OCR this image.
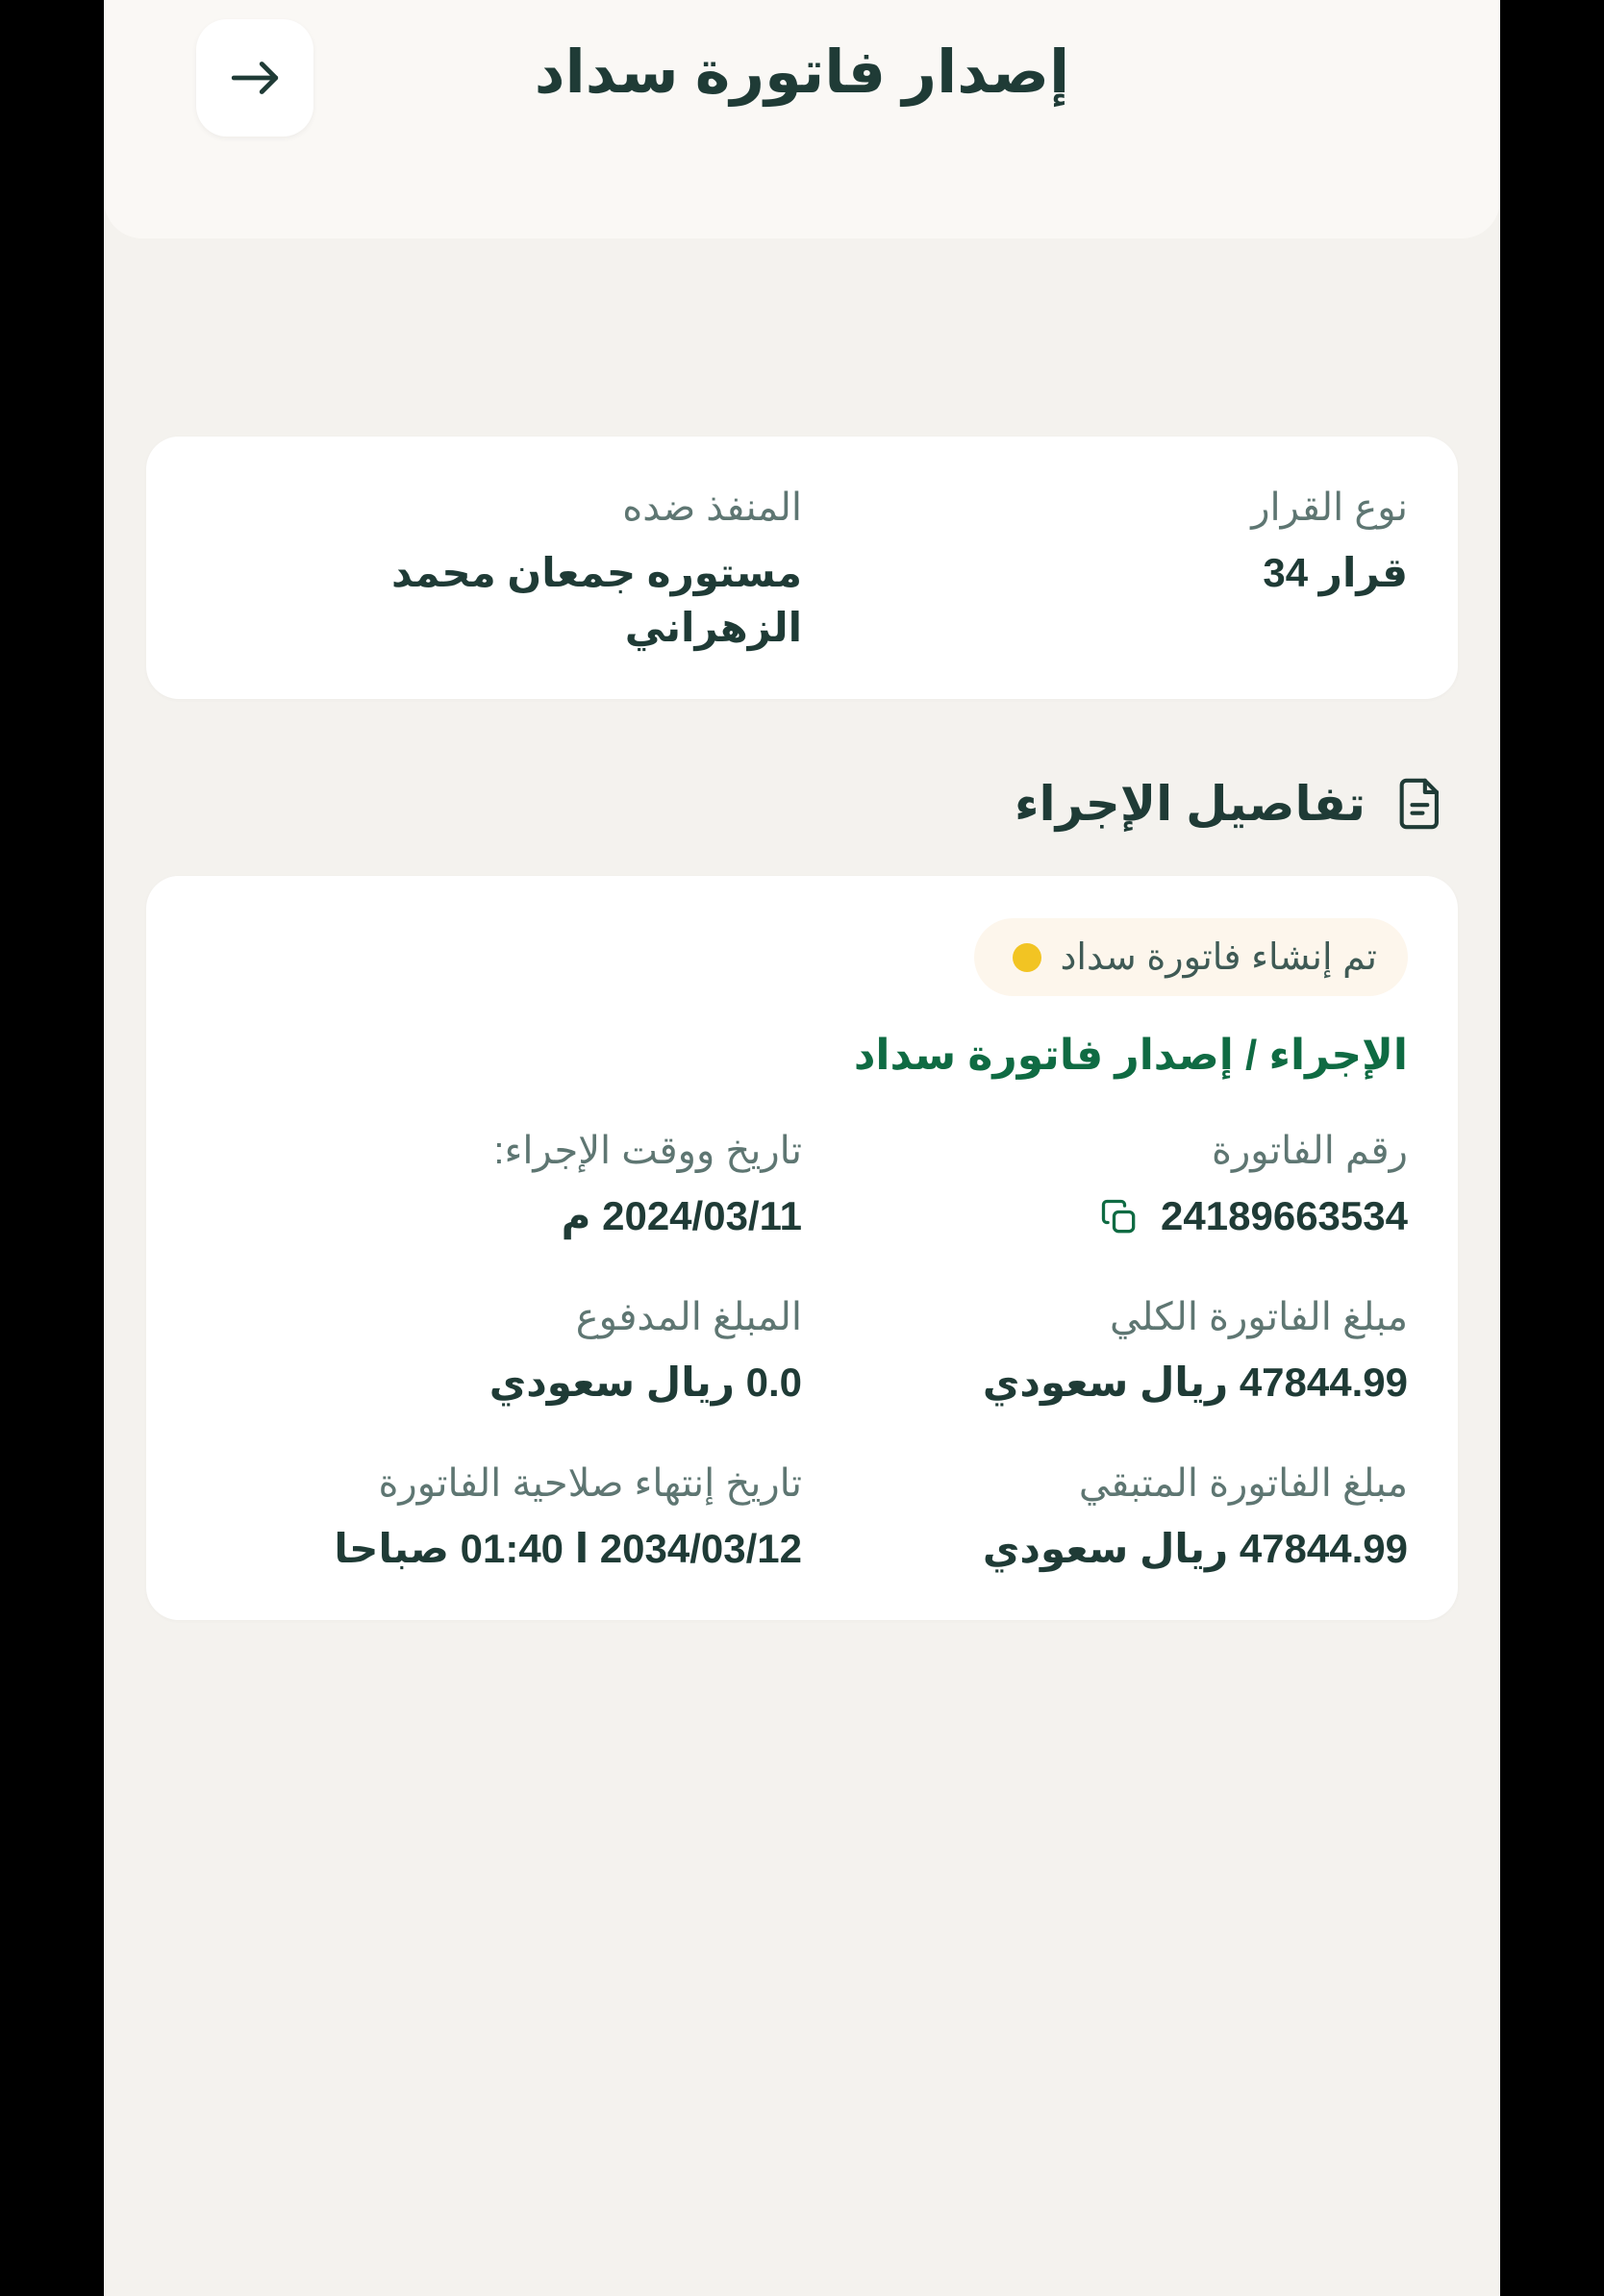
إصدار فاتورة سداد
نوع القرار
قرار 34
المنفذ ضده
مستوره جمعان محمد الزهراني
تفاصيل الإجراء
تم إنشاء فاتورة سداد
الإجراء / إصدار فاتورة سداد
رقم الفاتورة
24189663534
تاريخ ووقت الإجراء:
2024/03/11 م
مبلغ الفاتورة الكلي
47844.99 ريال سعودي
المبلغ المدفوع
0.0 ريال سعودي
مبلغ الفاتورة المتبقي
47844.99 ريال سعودي
تاريخ إنتهاء صلاحية الفاتورة
2034/03/12 ا 01:40 صباحا
